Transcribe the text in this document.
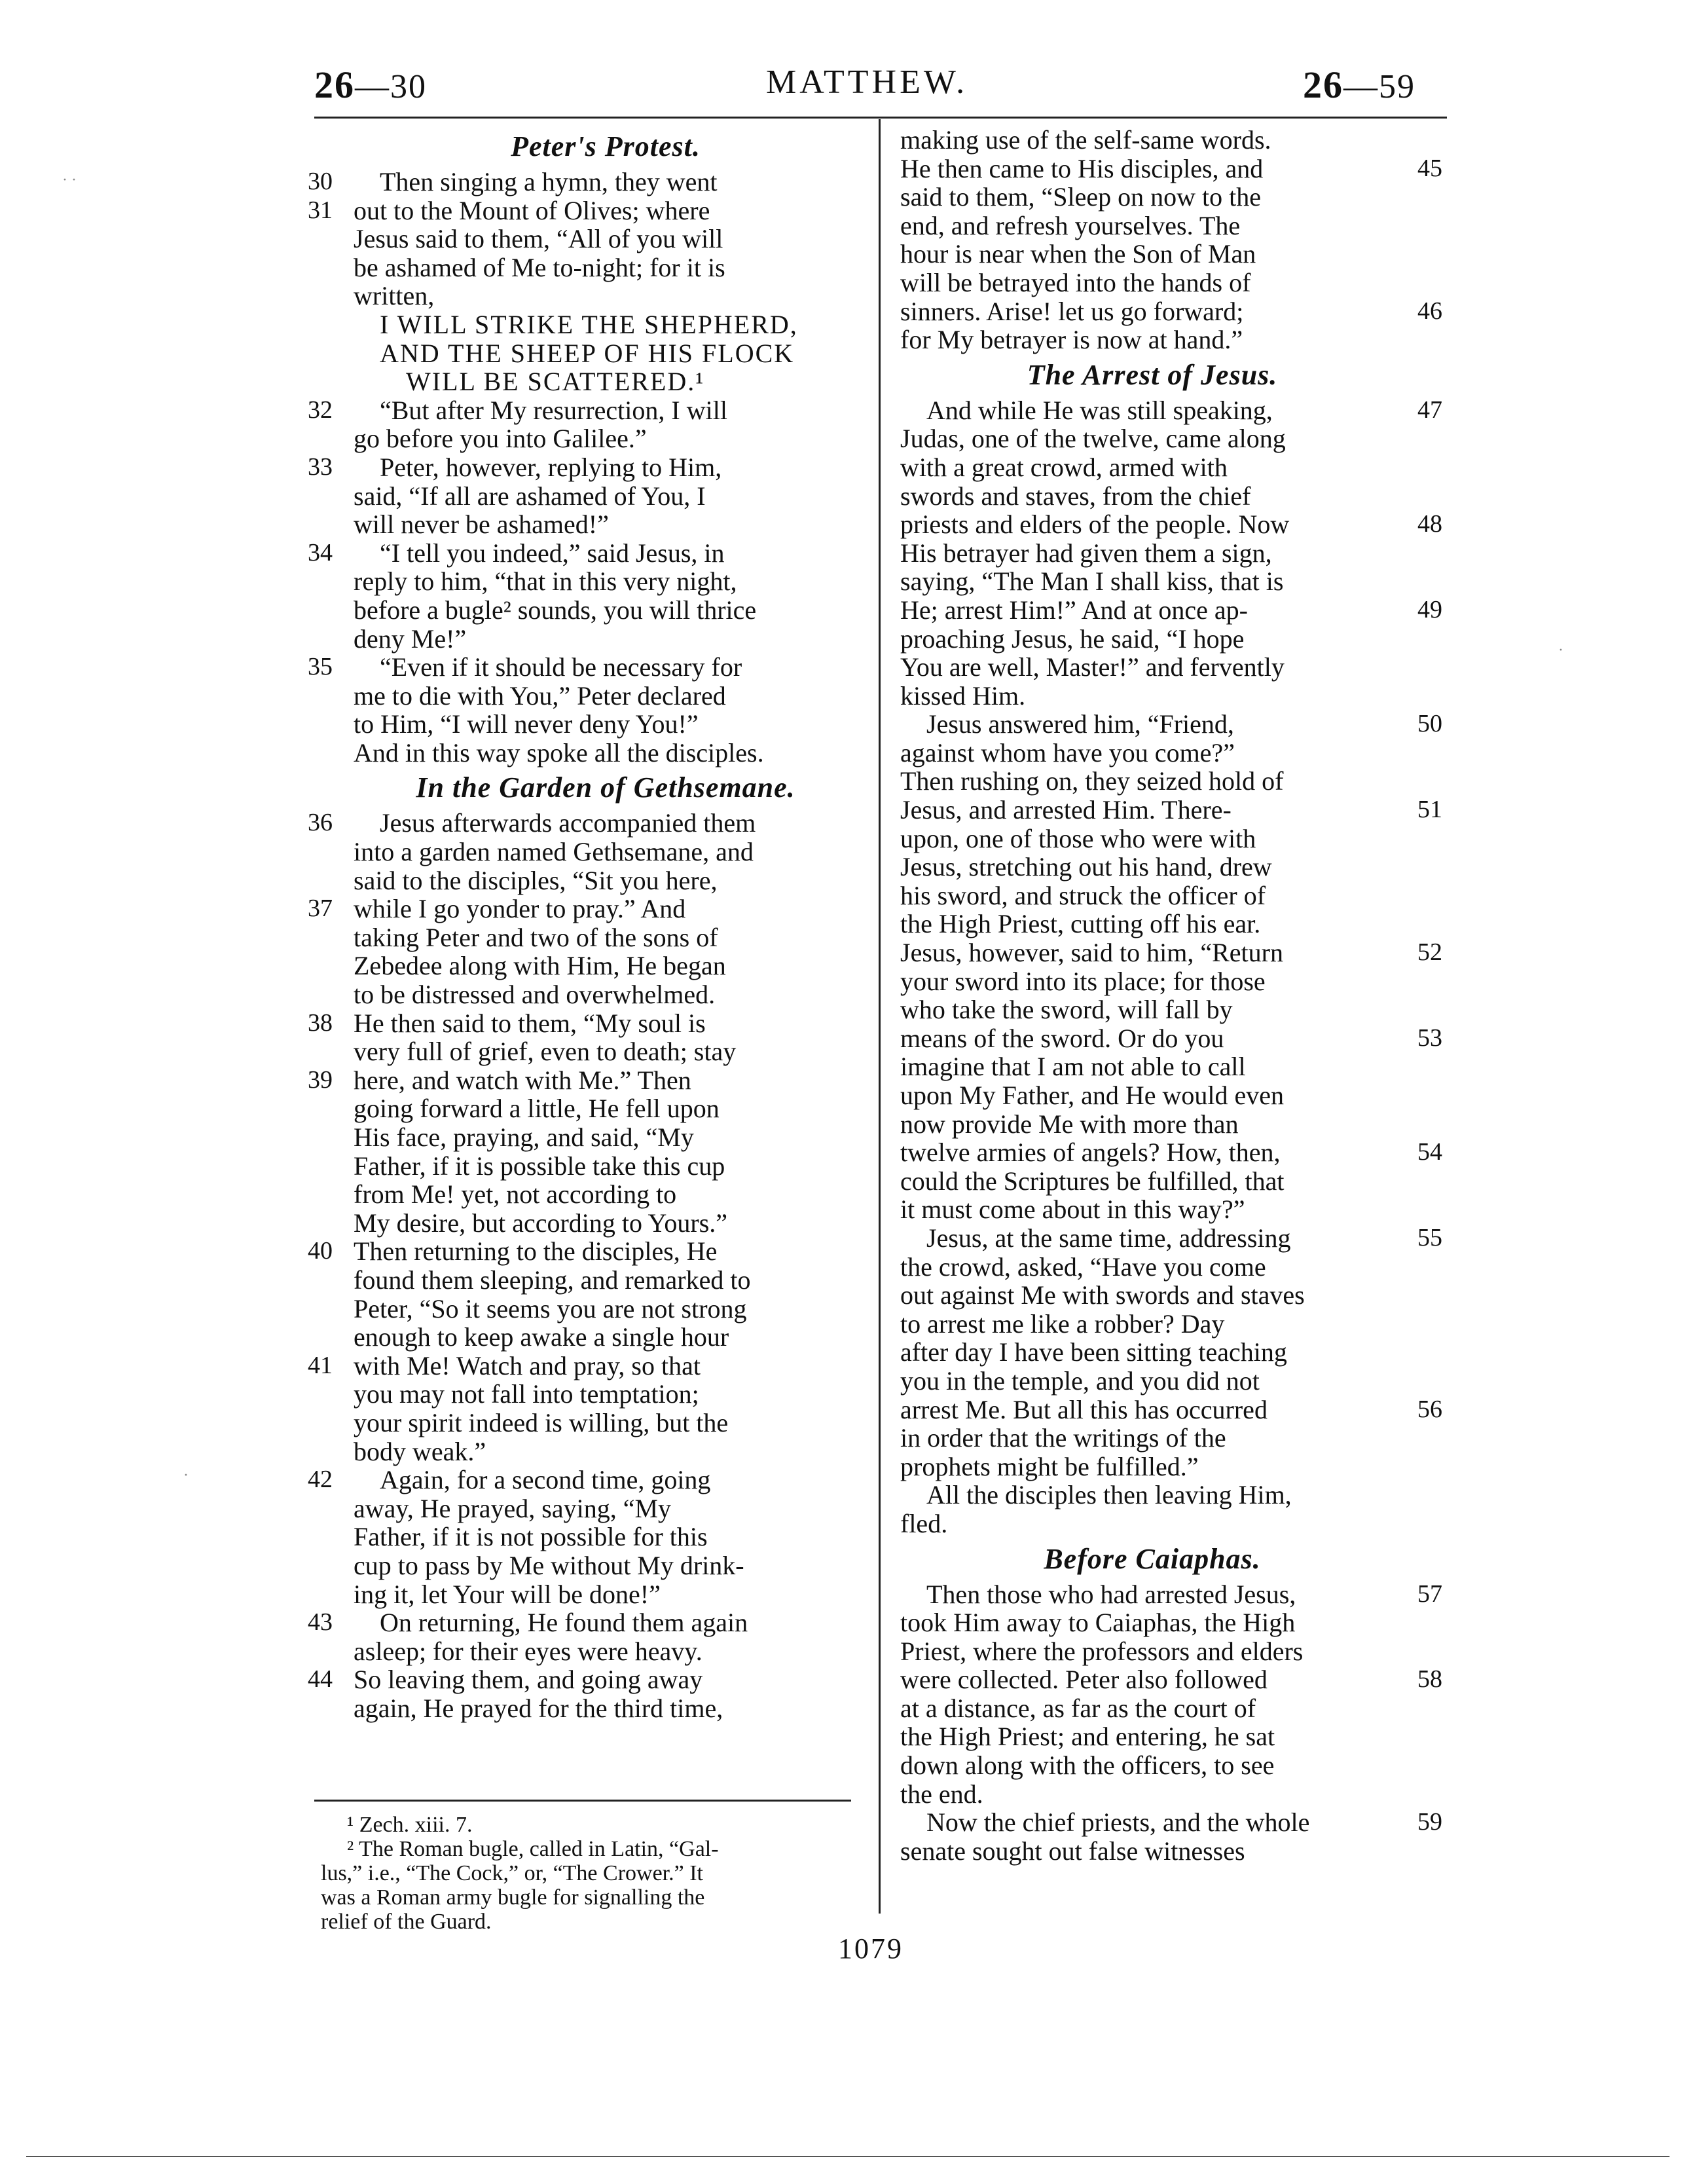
26—30	MATTHEW.	26—59
Peter's Protest.
Then singing a hymn, they went
30
out to the Mount of Olives; where
31
Jesus said to them, “All of you will
be ashamed of Me to-night; for it is
written,
I WILL STRIKE THE SHEPHERD,
AND THE SHEEP OF HIS FLOCK
WILL BE SCATTERED.¹
“But after My resurrection, I will
32
go before you into Galilee.”
Peter, however, replying to Him,
33
said, “If all are ashamed of You, I
will never be ashamed!”
“I tell you indeed,” said Jesus, in
34
reply to him, “that in this very night,
before a bugle² sounds, you will thrice
deny Me!”
“Even if it should be necessary for
35
me to die with You,” Peter declared
to Him, “I will never deny You!”
And in this way spoke all the disciples.
In the Garden of Gethsemane.
Jesus afterwards accompanied them
36
into a garden named Gethsemane, and
said to the disciples, “Sit you here,
while I go yonder to pray.” And
37
taking Peter and two of the sons of
Zebedee along with Him, He began
to be distressed and overwhelmed.
He then said to them, “My soul is
38
very full of grief, even to death; stay
here, and watch with Me.” Then
39
going forward a little, He fell upon
His face, praying, and said, “My
Father, if it is possible take this cup
from Me! yet, not according to
My desire, but according to Yours.”
Then returning to the disciples, He
40
found them sleeping, and remarked to
Peter, “So it seems you are not strong
enough to keep awake a single hour
with Me! Watch and pray, so that
41
you may not fall into temptation;
your spirit indeed is willing, but the
body weak.”
Again, for a second time, going
42
away, He prayed, saying, “My
Father, if it is not possible for this
cup to pass by Me without My drink-
ing it, let Your will be done!”
On returning, He found them again
43
asleep; for their eyes were heavy.
So leaving them, and going away
44
again, He prayed for the third time,
making use of the self-same words.
He then came to His disciples, and	45
said to them, “Sleep on now to the
end, and refresh yourselves. The
hour is near when the Son of Man
will be betrayed into the hands of
sinners. Arise! let us go forward;	46
for My betrayer is now at hand.”
The Arrest of Jesus.
And while He was still speaking,	47
Judas, one of the twelve, came along
with a great crowd, armed with
swords and staves, from the chief
priests and elders of the people. Now	48
His betrayer had given them a sign,
saying, “The Man I shall kiss, that is
He; arrest Him!” And at once ap-	49
proaching Jesus, he said, “I hope
You are well, Master!” and fervently
kissed Him.
Jesus answered him, “Friend,	50
against whom have you come?”
Then rushing on, they seized hold of
Jesus, and arrested Him. There-	51
upon, one of those who were with
Jesus, stretching out his hand, drew
his sword, and struck the officer of
the High Priest, cutting off his ear.
Jesus, however, said to him, “Return	52
your sword into its place; for those
who take the sword, will fall by
means of the sword. Or do you	53
imagine that I am not able to call
upon My Father, and He would even
now provide Me with more than
twelve armies of angels? How, then,	54
could the Scriptures be fulfilled, that
it must come about in this way?”
Jesus, at the same time, addressing	55
the crowd, asked, “Have you come
out against Me with swords and staves
to arrest me like a robber? Day
after day I have been sitting teaching
you in the temple, and you did not
arrest Me. But all this has occurred	56
in order that the writings of the
prophets might be fulfilled.”
All the disciples then leaving Him,
fled.
Before Caiaphas.
Then those who had arrested Jesus,	57
took Him away to Caiaphas, the High
Priest, where the professors and elders
were collected. Peter also followed	58
at a distance, as far as the court of
the High Priest; and entering, he sat
down along with the officers, to see
the end.
Now the chief priests, and the whole	59
senate sought out false witnesses
¹ Zech. xiii. 7.
² The Roman bugle, called in Latin, “Gal-
lus,” i.e., “The Cock,” or, “The Crower.” It
was a Roman army bugle for signalling the
relief of the Guard.
1079
· ·
·
·
